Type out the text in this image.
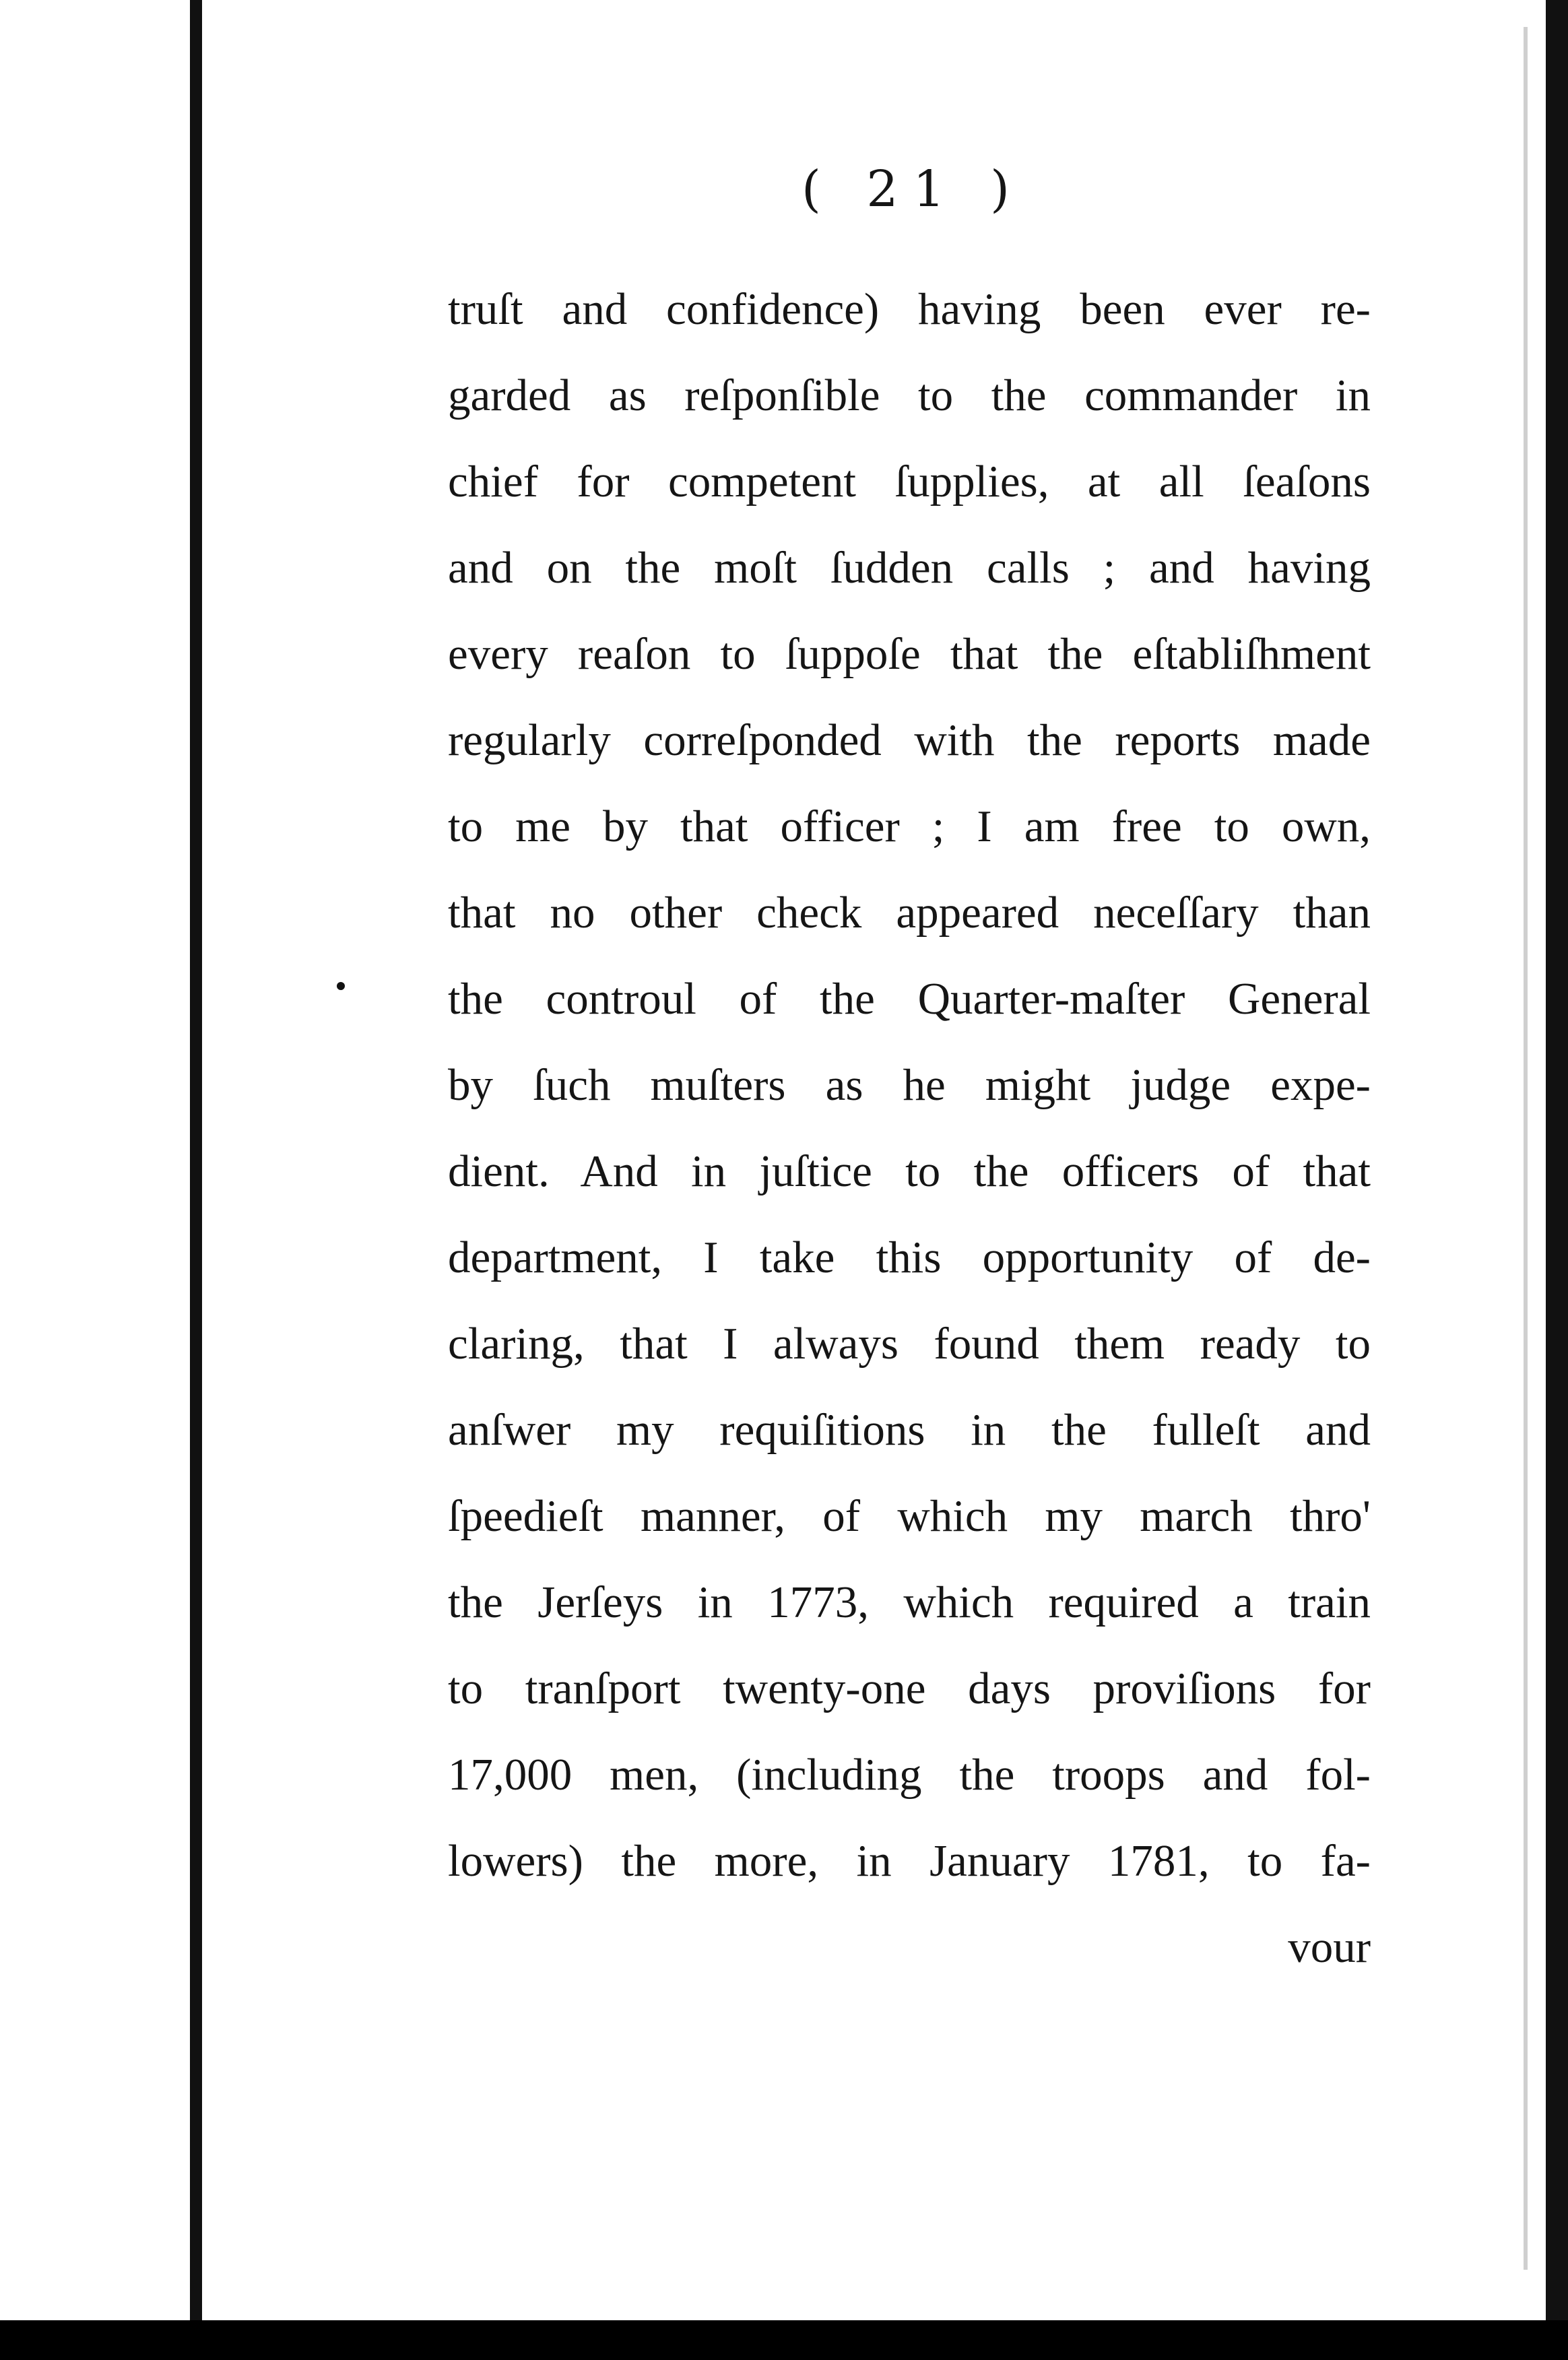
( 21 )
truſt and confidence) having been ever re-
garded as reſponſible to the commander in
chief for competent ſupplies, at all ſeaſons
and on the moſt ſudden calls ; and having
every reaſon to ſuppoſe that the eſtabliſhment
regularly correſponded with the reports made
to me by that officer ; I am free to own,
that no other check appeared neceſſary than
the controul of the Quarter-maſter General
by ſuch muſters as he might judge expe-
dient. And in juſtice to the officers of that
department, I take this opportunity of de-
claring, that I always found them ready to
anſwer my requiſitions in the fulleſt and
ſpeedieſt manner, of which my march thro'
the Jerſeys in 1773, which required a train
to tranſport twenty-one days proviſions for
17,000 men, (including the troops and fol-
lowers) the more, in January 1781, to fa-
vour
